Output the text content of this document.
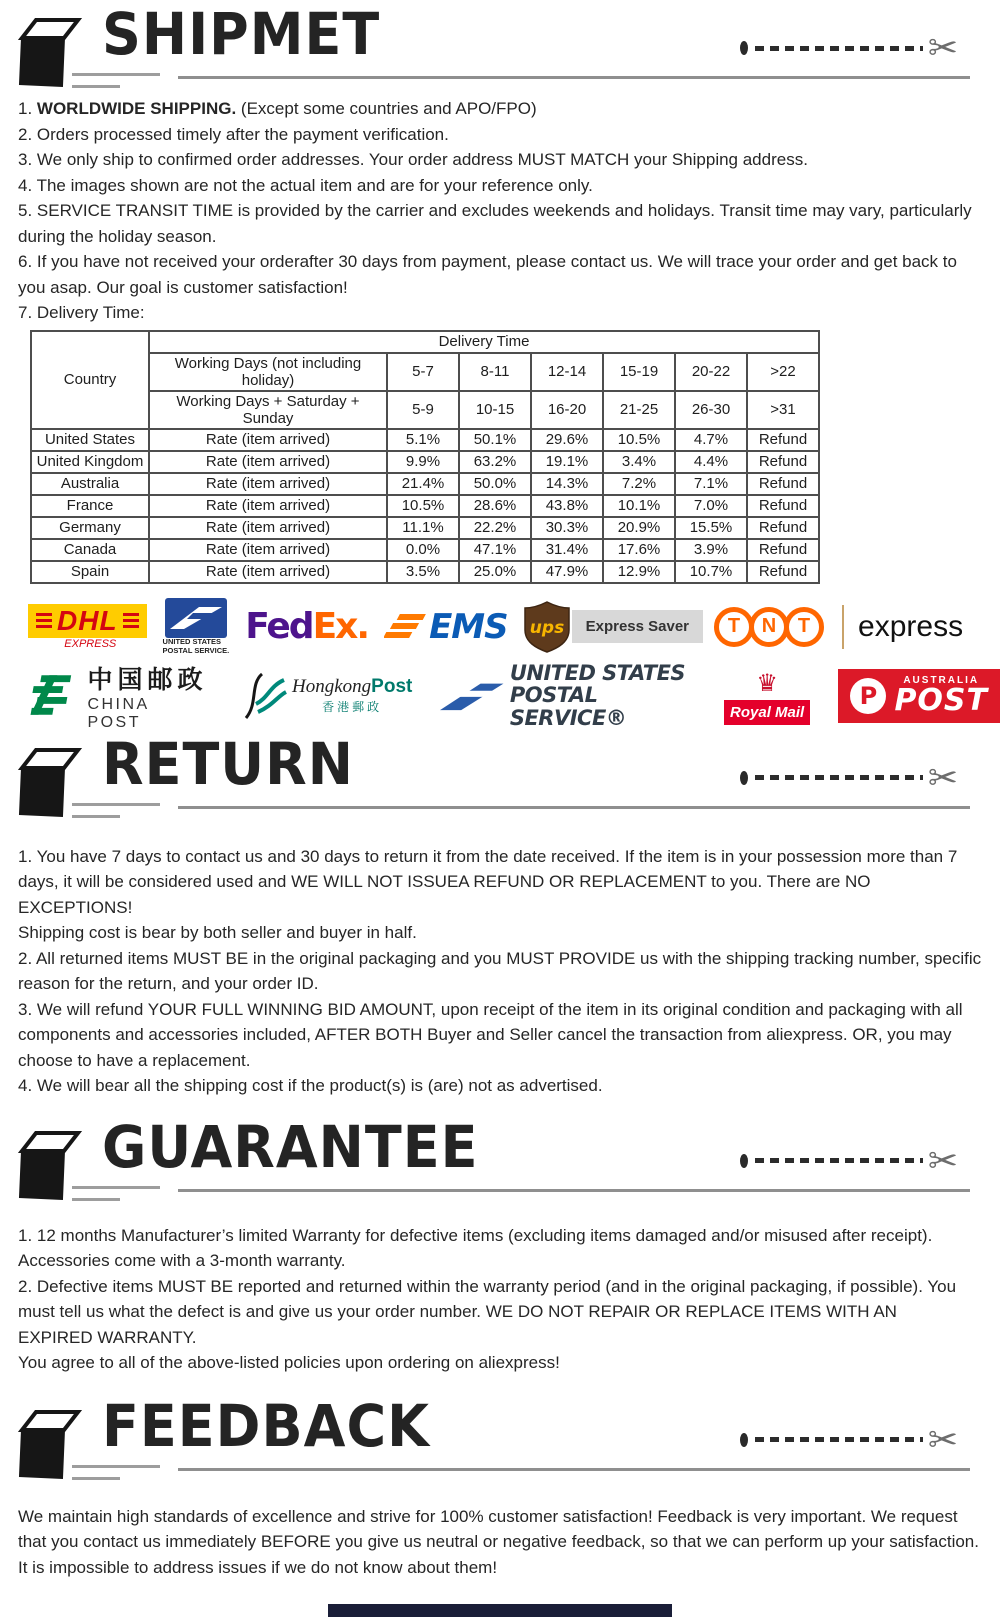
SHIPMET	✂
1. WORLDWIDE SHIPPING. (Except some countries and APO/FPO)
2. Orders processed timely after the payment verification.
3. We only ship to confirmed order addresses. Your order address MUST MATCH your Shipping address.
4. The images shown are not the actual item and are for your reference only.
5. SERVICE TRANSIT TIME is provided by the carrier and excludes weekends and holidays. Transit time may vary, particularly during the holiday season.
6. If you have not received your orderafter 30 days from payment, please contact us. We will trace your order and get back to you asap. Our goal is customer satisfaction!
7. Delivery Time:
Country	Delivery Time						
	Working Days (not including holiday)	5-7	8-11	12-14	15-19	20-22	>22
	Working Days + Saturday + Sunday	5-9	10-15	16-20	21-25	26-30	>31
United States	Rate (item arrived)	5.1%	50.1%	29.6%	10.5%	4.7%	Refund
United Kingdom	Rate (item arrived)	9.9%	63.2%	19.1%	3.4%	4.4%	Refund
Australia	Rate (item arrived)	21.4%	50.0%	14.3%	7.2%	7.1%	Refund
France	Rate (item arrived)	10.5%	28.6%	43.8%	10.1%	7.0%	Refund
Germany	Rate (item arrived)	11.1%	22.2%	30.3%	20.9%	15.5%	Refund
Canada	Rate (item arrived)	0.0%	47.1%	31.4%	17.6%	3.9%	Refund
Spain	Rate (item arrived)	3.5%	25.0%	47.9%	12.9%	10.7%	Refund
DHL
EXPRESS	UNITED STATES
POSTAL SERVICE.
Fed Ex. EMS ups	Express Saver	T	N	T	express
中国邮政
CHINA POST
HongkongPost
香港郵政
UNITED STATES
POSTAL SERVICE®
♛
Royal Mail
P
AUSTRALIA
POST
RETURN	✂
1. You have 7 days to contact us and 30 days to return it from the date received. If the item is in your possession more than 7 days, it will be considered used and WE WILL NOT ISSUEA REFUND OR REPLACEMENT to you. There are NO EXCEPTIONS!
Shipping cost is bear by both seller and buyer in half.
2. All returned items MUST BE in the original packaging and you MUST PROVIDE us with the shipping tracking number, specific reason for the return, and your order ID.
3. We will refund YOUR FULL WINNING BID AMOUNT, upon receipt of the item in its original condition and packaging with all components and accessories included, AFTER BOTH Buyer and Seller cancel the transaction from aliexpress. OR, you may choose to have a replacement.
4. We will bear all the shipping cost if the product(s) is (are) not as advertised.
GUARANTEE	✂
1. 12 months Manufacturer’s limited Warranty for defective items (excluding items damaged and/or misused after receipt). Accessories come with a 3-month warranty.
2. Defective items MUST BE reported and returned within the warranty period (and in the original packaging, if possible). You must tell us what the defect is and give us your order number. WE DO NOT REPAIR OR REPLACE ITEMS WITH AN
EXPIRED WARRANTY.
You agree to all of the above-listed policies upon ordering on aliexpress!
FEEDBACK	✂
We maintain high standards of excellence and strive for 100% customer satisfaction! Feedback is very important. We request that you contact us immediately BEFORE you give us neutral or negative feedback, so that we can perform up your satisfaction.
It is impossible to address issues if we do not know about them!
